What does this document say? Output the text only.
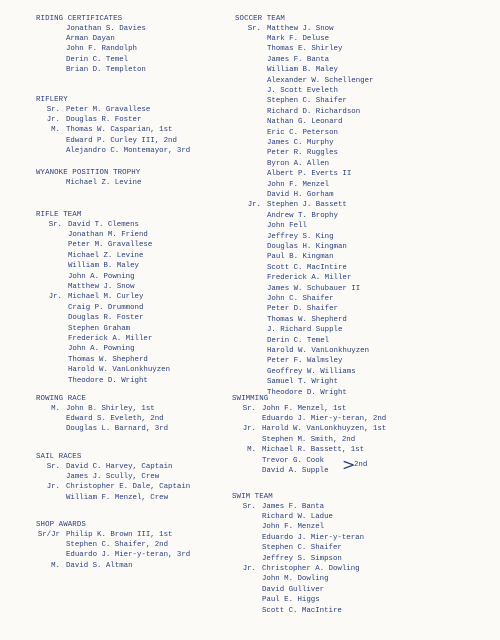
RIDING CERTIFICATES
Jonathan S. Davies
Arman Dayan
John F. Randolph
Derin C. Temel
Brian D. Templeton
RIFLERY
Sr. Peter M. Gravallese
Jr. Douglas R. Foster
M. Thomas W. Casparian, 1st
Edward P. Curley III, 2nd
Alejandro C. Montemayor, 3rd
WYANOKE POSITION TROPHY
Michael Z. Levine
RIFLE TEAM
Sr. David T. Clemens
Jonathan M. Friend
Peter M. Gravallese
Michael Z. Levine
William B. Maley
John A. Powning
Matthew J. Snow
Jr. Michael M. Curley
Craig P. Drummond
Douglas R. Foster
Stephen Graham
Frederick A. Miller
John A. Powning
Thomas W. Shepherd
Harold W. VanLonkhuyzen
Theodore D. Wright
ROWING RACE
M. John B. Shirley, 1st
Edward S. Eveleth, 2nd
Douglas L. Barnard, 3rd
SAIL RACES
Sr. David C. Harvey, Captain
James J. Scully, Crew
Jr. Christopher E. Dale, Captain
William F. Menzel, Crew
SHOP AWARDS
Sr/Jr Philip K. Brown III, 1st
Stephen C. Shaifer, 2nd
Eduardo J. Mier-y-teran, 3rd
M. David S. Altman
SOCCER TEAM
Sr. Matthew J. Snow
Mark F. Deluse
Thomas E. Shirley
James F. Banta
William B. Maley
Alexander W. Schellenger
J. Scott Eveleth
Stephen C. Shaifer
Richard D. Richardson
Nathan G. Leonard
Eric C. Peterson
James C. Murphy
Peter R. Ruggles
Byron A. Allen
Albert P. Everts II
John F. Menzel
David H. Gorham
Jr. Stephen J. Bassett
Andrew T. Brophy
John Fell
Jeffrey S. King
Douglas H. Kingman
Paul B. Kingman
Scott C. MacIntire
Frederick A. Miller
James W. Schubauer II
John C. Shaifer
Peter D. Shaifer
Thomas W. Shepherd
J. Richard Supple
Derin C. Temel
Harold W. VanLonkhuyzen
Peter F. Walmsley
Geoffrey W. Williams
Samuel T. Wright
Theodore D. Wright
SWIMMING
Sr. John F. Menzel, 1st
Eduardo J. Mier-y-teran, 2nd
Jr. Harold W. VanLonkhuyzen, 1st
Stephen M. Smith, 2nd
M. Michael R. Bassett, 1st
Trevor G. Cook
David A. Supple >
2nd
SWIM TEAM
Sr. James F. Banta
Richard W. Ladue
John F. Menzel
Eduardo J. Mier-y-teran
Stephen C. Shaifer
Jeffrey S. Simpson
Jr. Christopher A. Dowling
John M. Dowling
David Gulliver
Paul E. Higgs
Scott C. MacIntire
